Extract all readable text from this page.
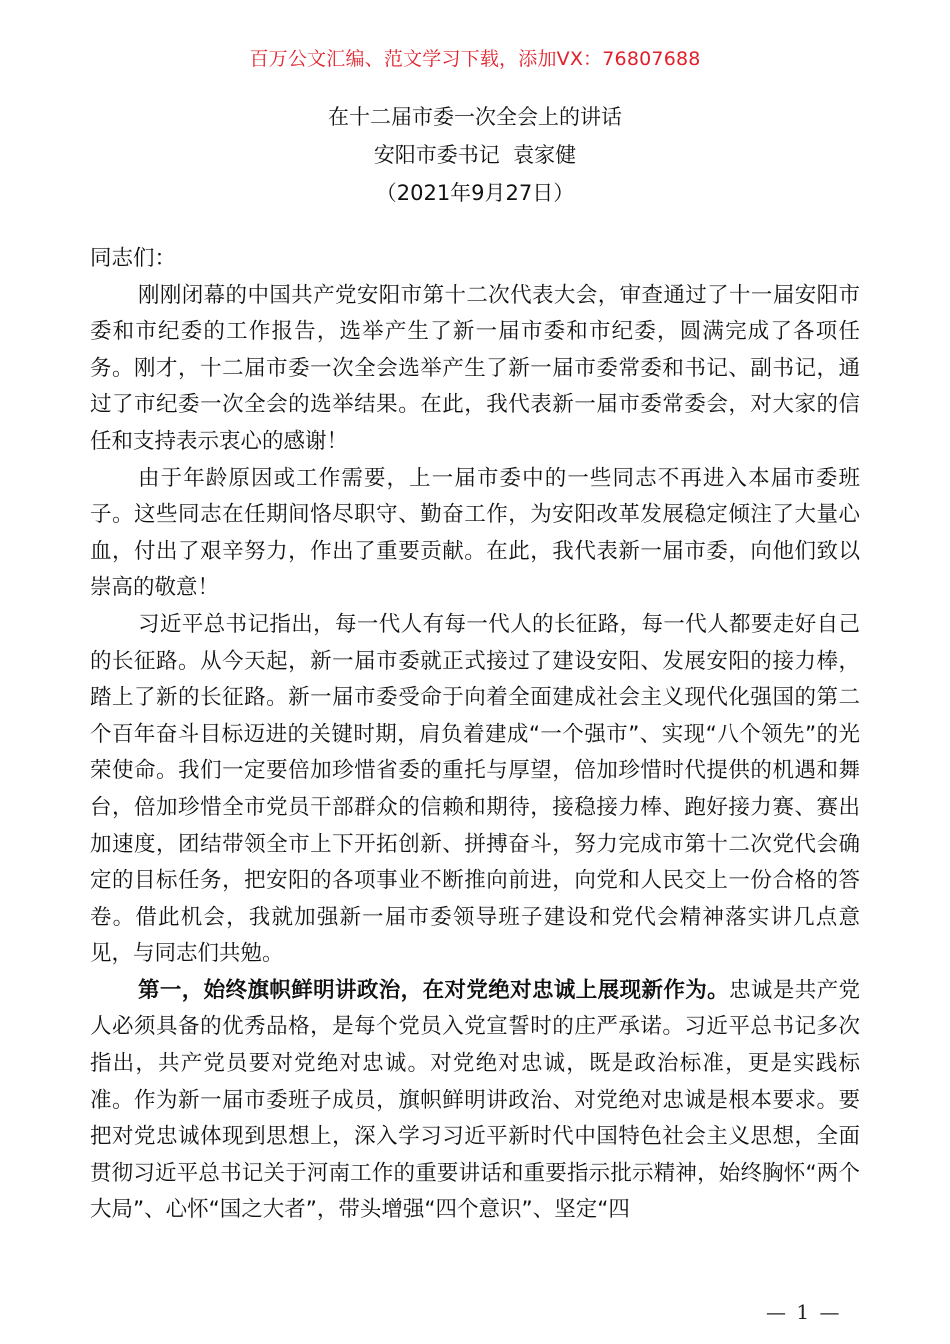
百万公文汇编、范文学习下载，添加VX：76807688
在十二届市委一次全会上的讲话
安阳市委书记  袁家健
（2021年9月27日）
同志们：

刚刚闭幕的中国共产党安阳市第十二次代表大会，审查通过了十一届安阳市委和市纪委的工作报告，选举产生了新一届市委和市纪委，圆满完成了各项任务。刚才，十二届市委一次全会选举产生了新一届市委常委和书记、副书记，通过了市纪委一次全会的选举结果。在此，我代表新一届市委常委会，对大家的信任和支持表示衷心的感谢！

由于年龄原因或工作需要，上一届市委中的一些同志不再进入本届市委班子。这些同志在任期间恪尽职守、勤奋工作，为安阳改革发展稳定倾注了大量心血，付出了艰辛努力，作出了重要贡献。在此，我代表新一届市委，向他们致以崇高的敬意！

习近平总书记指出，每一代人有每一代人的长征路，每一代人都要走好自己的长征路。从今天起，新一届市委就正式接过了建设安阳、发展安阳的接力棒，踏上了新的长征路。新一届市委受命于向着全面建成社会主义现代化强国的第二个百年奋斗目标迈进的关键时期，肩负着建成“一个强市”、实现“八个领先”的光荣使命。我们一定要倍加珍惜省委的重托与厚望，倍加珍惜时代提供的机遇和舞台，倍加珍惜全市党员干部群众的信赖和期待，接稳接力棒、跑好接力赛、赛出加速度，团结带领全市上下开拓创新、拼搏奋斗，努力完成市第十二次党代会确定的目标任务，把安阳的各项事业不断推向前进，向党和人民交上一份合格的答卷。借此机会，我就加强新一届市委领导班子建设和党代会精神落实讲几点意见，与同志们共勉。

第一，始终旗帜鲜明讲政治，在对党绝对忠诚上展现新作为。忠诚是共产党人必须具备的优秀品格，是每个党员入党宣誓时的庄严承诺。习近平总书记多次指出，共产党员要对党绝对忠诚。对党绝对忠诚，既是政治标准，更是实践标准。作为新一届市委班子成员，旗帜鲜明讲政治、对党绝对忠诚是根本要求。要把对党忠诚体现到思想上，深入学习习近平新时代中国特色社会主义思想，全面贯彻习近平总书记关于河南工作的重要讲话和重要指示批示精神，始终胸怀“两个大局”、心怀“国之大者”，带头增强“四个意识”、坚定“四

— 1 —
